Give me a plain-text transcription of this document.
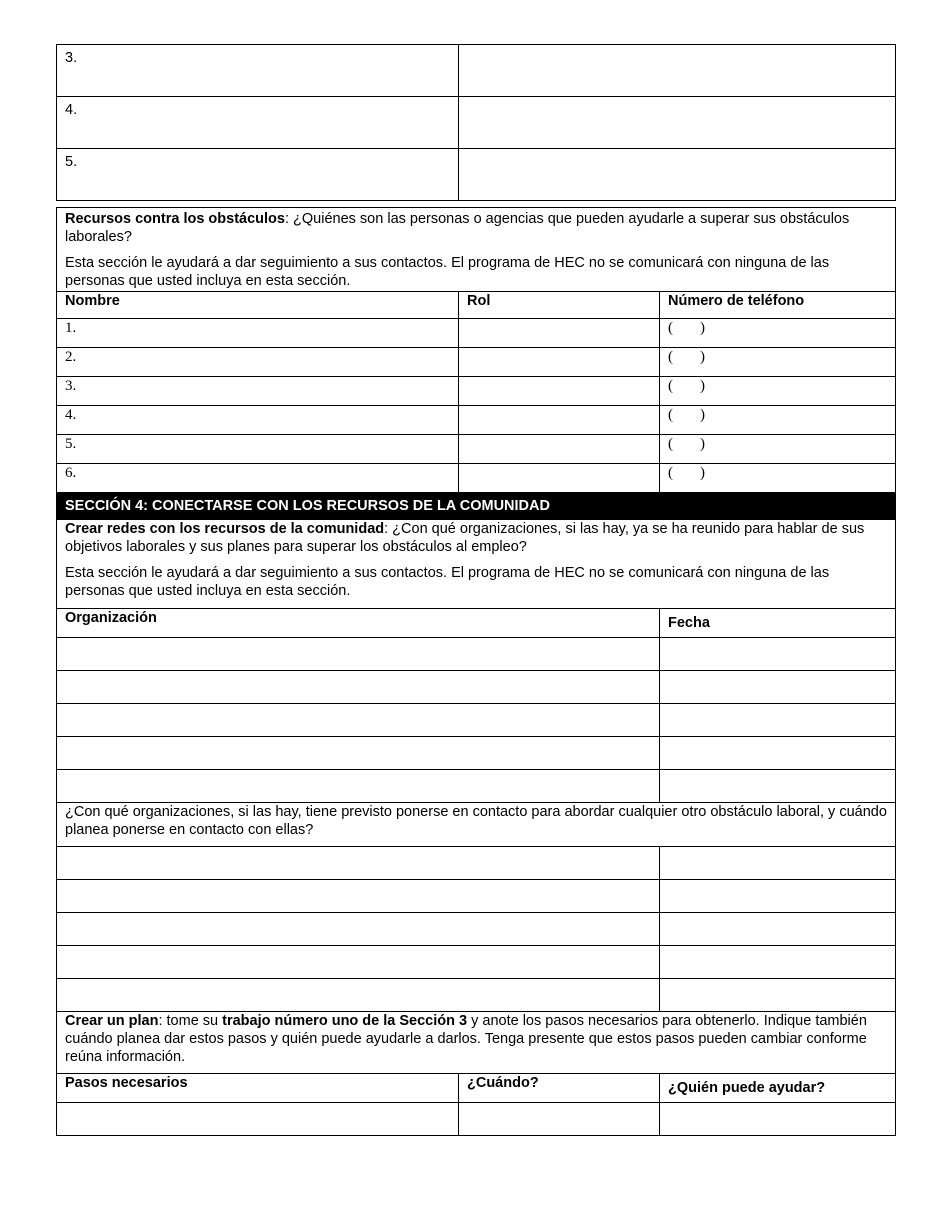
3.	
4.	
5.	

Recursos contra los obstáculos: ¿Quiénes son las personas o agencias que pueden ayudarle a superar sus obstáculos laborales?

Esta sección le ayudará a dar seguimiento a sus contactos. El programa de HEC no se comunicará con ninguna de las personas que usted incluya en esta sección.		

Nombre	Rol	Número de teléfono
1.		( )
2.		( )
3.		( )
4.		( )
5.		( )
6.		( )
SECCIÓN 4: CONECTARSE CON LOS RECURSOS DE LA COMUNIDAD		

Crear redes con los recursos de la comunidad: ¿Con qué organizaciones, si las hay, ya se ha reunido para hablar de sus objetivos laborales y sus planes para superar los obstáculos al empleo?

Esta sección le ayudará a dar seguimiento a sus contactos. El programa de HEC no se comunicará con ninguna de las personas que usted incluya en esta sección.		

Organización		Fecha

¿Con qué organizaciones, si las hay, tiene previsto ponerse en contacto para abordar cualquier otro obstáculo laboral, y cuándo planea ponerse en contacto con ellas?		

Crear un plan: tome su trabajo número uno de la Sección 3 y anote los pasos necesarios para obtenerlo. Indique también cuándo planea dar estos pasos y quién puede ayudarle a darlos. Tenga presente que estos pasos pueden cambiar conforme reúna información.		
Pasos necesarios	¿Cuándo?	¿Quién puede ayudar?
